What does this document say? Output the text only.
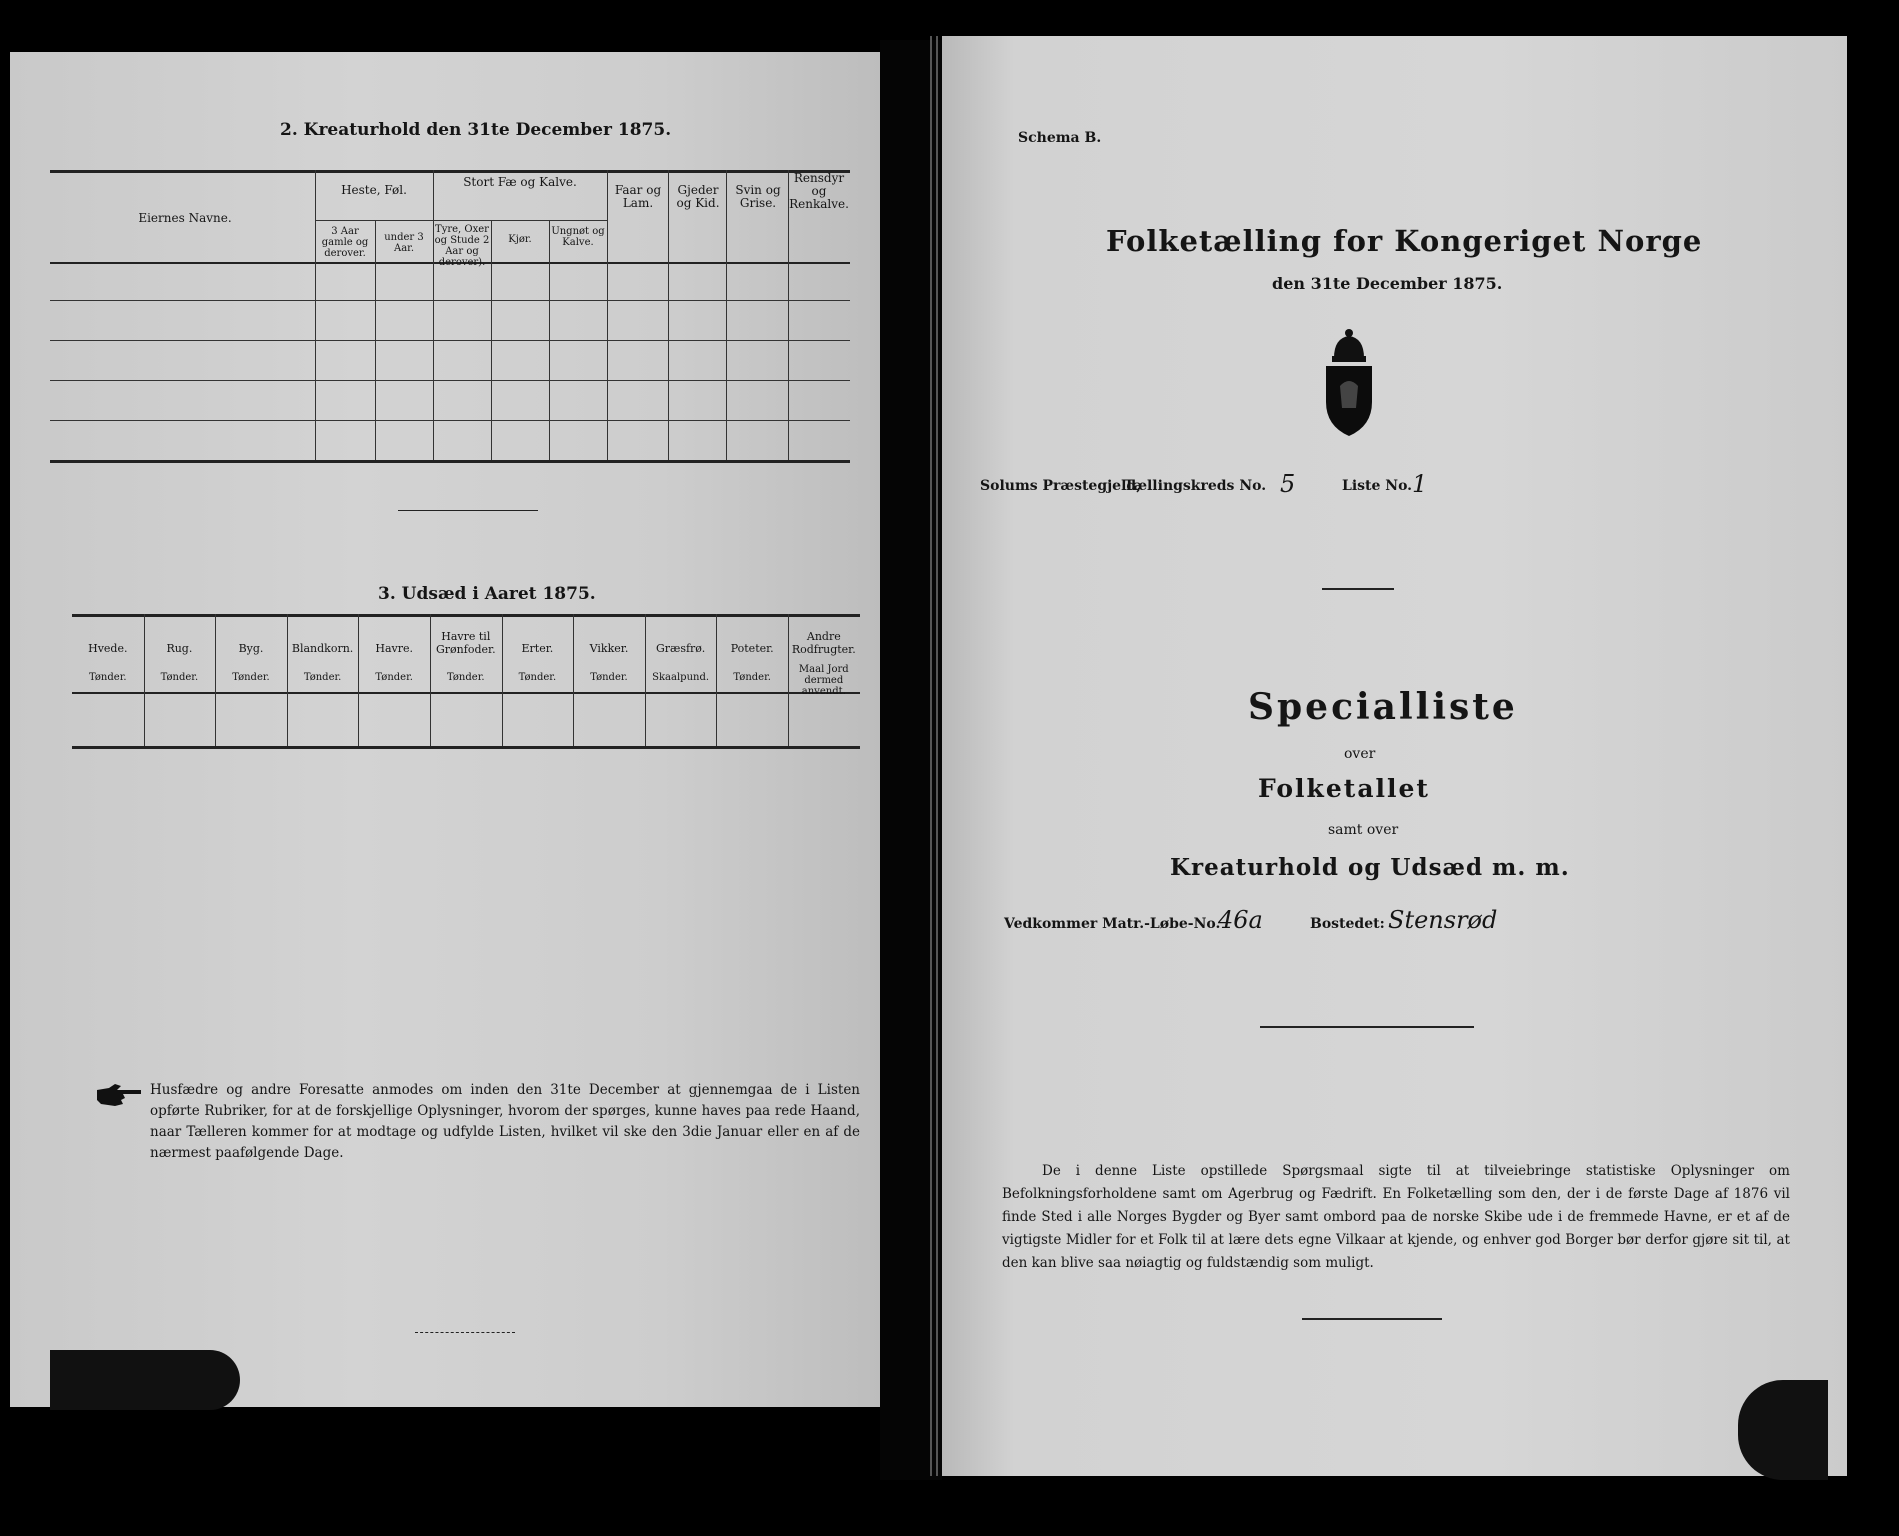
2. Kreaturhold den 31te December 1875.
Eiernes Navne.
Heste, Føl.
3 Aar gamle og derover.
under 3 Aar.
Stort Fæ og Kalve.
Tyre, Oxer og Stude 2 Aar og derover).
Kjør.
Ungnøt og Kalve.
Faar og Lam.
Gjeder og Kid.
Svin og Grise.
Rensdyr og Renkalve.
3. Udsæd i Aaret 1875.
Hvede.
Tønder.
Rug.
Tønder.
Byg.
Tønder.
Blandkorn.
Tønder.
Havre.
Tønder.
Havre til Grønfoder.
Tønder.
Erter.
Tønder.
Vikker.
Tønder.
Græsfrø.
Skaalpund.
Poteter.
Tønder.
Andre Rodfrugter.
Maal Jord dermed anvendt.
Husfædre og andre Foresatte anmodes om inden den 31te December at gjennemgaa de i Listen opførte Rubriker, for at de forskjellige Oplysninger, hvorom der spørges, kunne haves paa rede Haand, naar Tælleren kommer for at modtage og udfylde Listen, hvilket vil ske den 3die Januar eller en af de nærmest paafølgende Dage.
Schema B.
Folketælling for Kongeriget Norge
den 31te December 1875.
Solums Præstegjeld,
Tællingskreds No. 5	Liste No. 1
Specialliste
over
Folketallet
samt over
Kreaturhold og Udsæd m. m.
Vedkommer Matr.-Løbe-No.
46a	Bostedet: Stensrød
De i denne Liste opstillede Spørgsmaal sigte til at tilveiebringe statistiske Oplysninger om Befolkningsforholdene samt om Agerbrug og Fædrift. En Folketælling som den, der i de første Dage af 1876 vil finde Sted i alle Norges Bygder og Byer samt ombord paa de norske Skibe ude i de fremmede Havne, er et af de vigtigste Midler for et Folk til at lære dets egne Vilkaar at kjende, og enhver god Borger bør derfor gjøre sit til, at den kan blive saa nøiagtig og fuldstændig som muligt.
